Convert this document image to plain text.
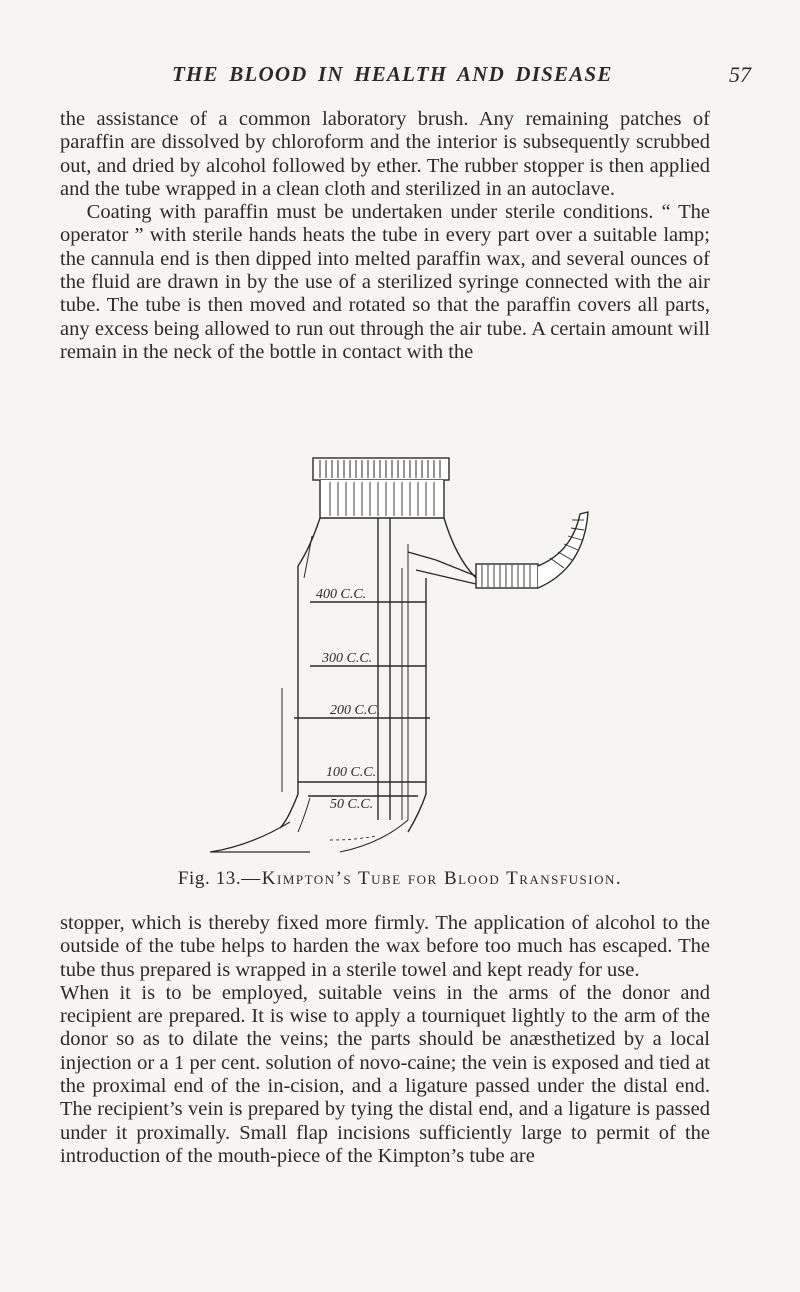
THE BLOOD IN HEALTH AND DISEASE	57

the assistance of a common laboratory brush. Any remaining patches of paraffin are dissolved by chloroform and the interior is subsequently scrubbed out, and dried by alcohol followed by ether. The rubber stopper is then applied and the tube wrapped in a clean cloth and sterilized in an autoclave.

Coating with paraffin must be undertaken under sterile conditions. “ The operator ” with sterile hands heats the tube in every part over a suitable lamp; the cannula end is then dipped into melted paraffin wax, and several ounces of the fluid are drawn in by the use of a sterilized syringe connected with the air tube. The tube is then moved and rotated so that the paraffin covers all parts, any excess being allowed to run out through the air tube. A certain amount will remain in the neck of the bottle in contact with the

400 C.C.
300 C.C.
200 C.C.
100 C.C.
50 C.C.
Fig. 13.—Kimpton’s Tube for Blood Transfusion.

stopper, which is thereby fixed more firmly. The application of alcohol to the outside of the tube helps to harden the wax before too much has escaped. The tube thus prepared is wrapped in a sterile towel and kept ready for use.

When it is to be employed, suitable veins in the arms of the donor and recipient are prepared. It is wise to apply a tourniquet lightly to the arm of the donor so as to dilate the veins; the parts should be anæsthetized by a local injection or a 1 per cent. solution of novo-caine; the vein is exposed and tied at the proximal end of the in-cision, and a ligature passed under the distal end. The recipient’s vein is prepared by tying the distal end, and a ligature is passed under it proximally. Small flap incisions sufficiently large to permit of the introduction of the mouth-piece of the Kimpton’s tube are
